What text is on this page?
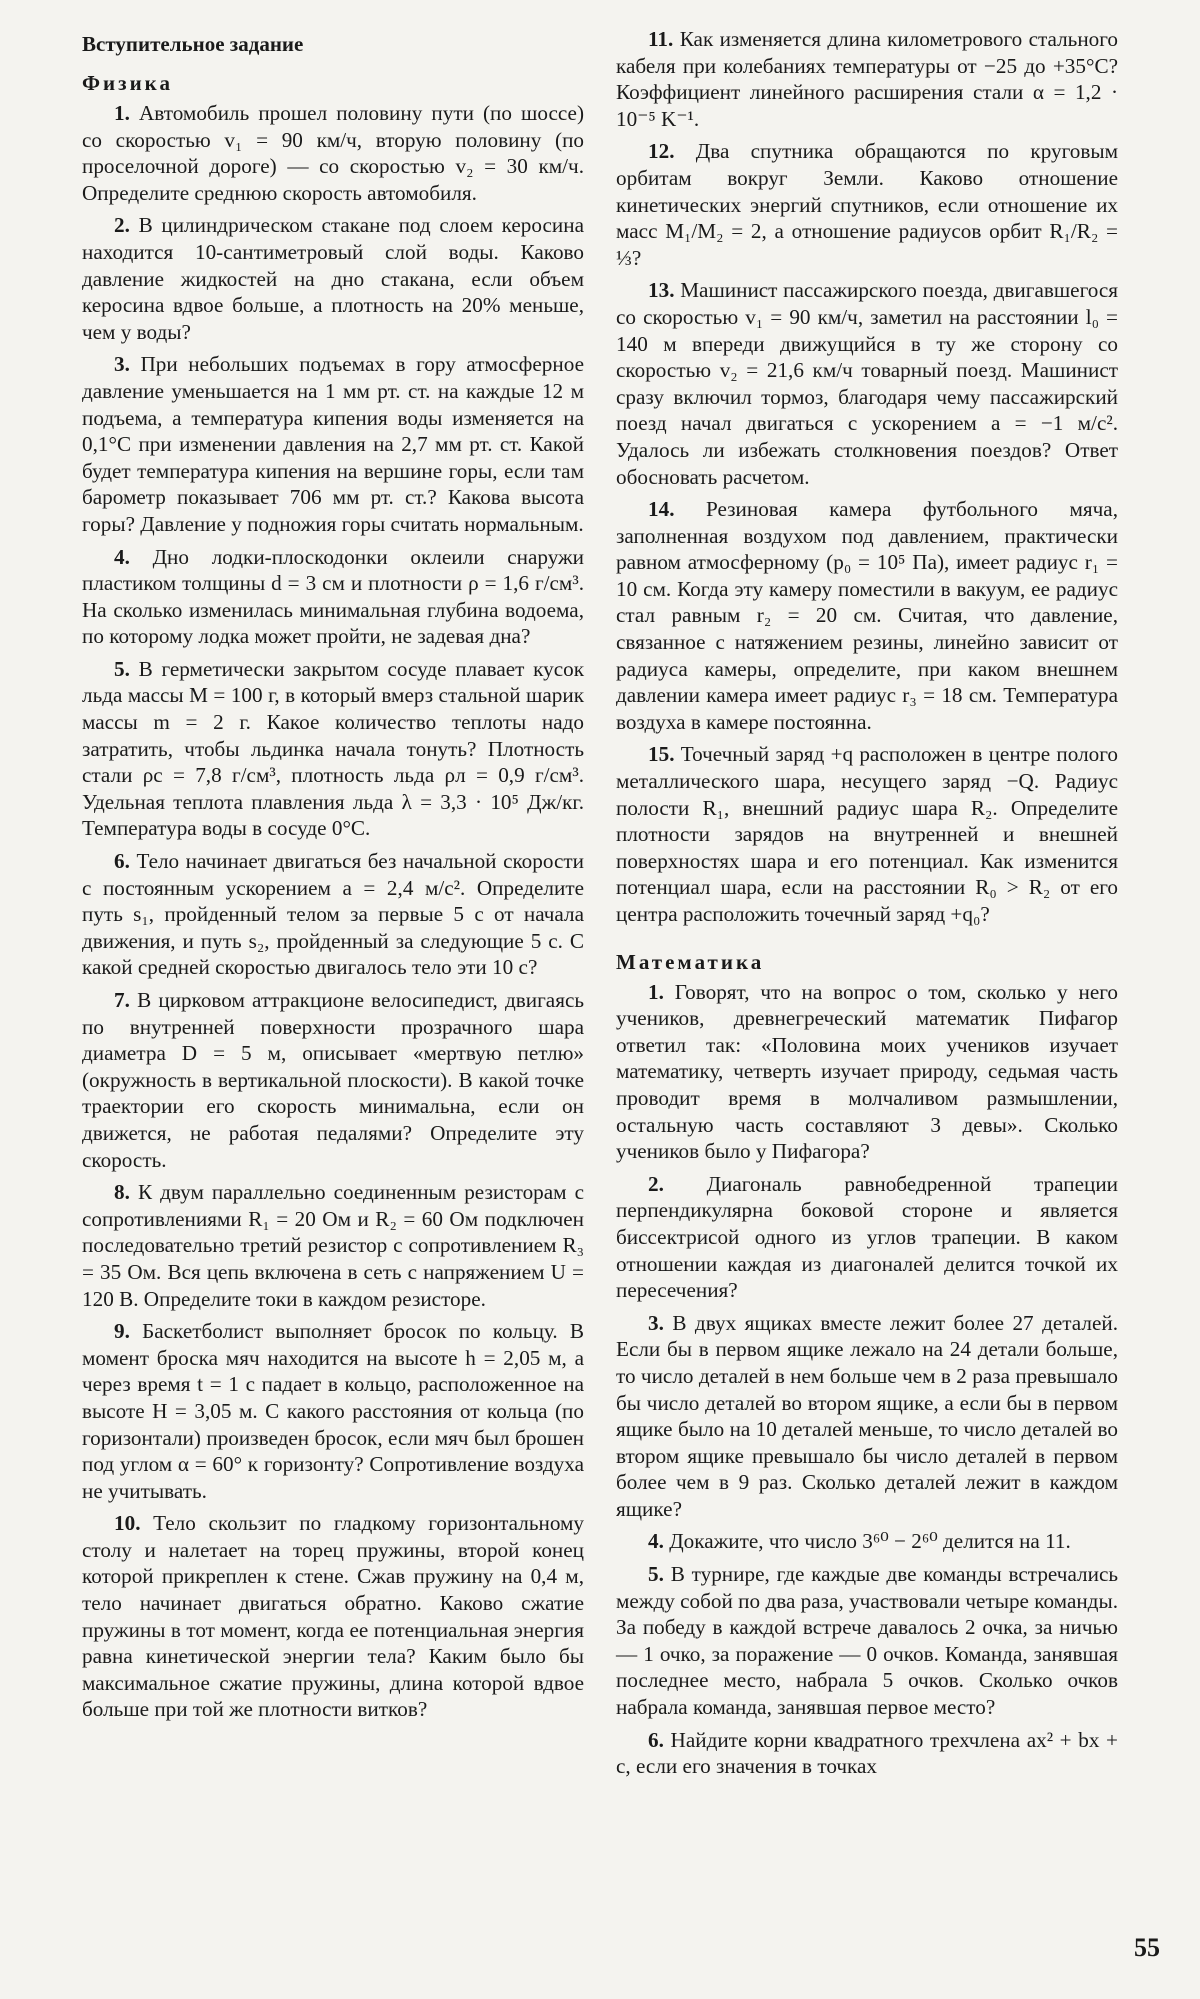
Вступительное задание
Физика

1. Автомобиль прошел половину пути (по шоссе) со скоростью v₁ = 90 км/ч, вторую половину (по проселочной дороге) — со скоростью v₂ = 30 км/ч. Определите среднюю скорость автомобиля.

2. В цилиндрическом стакане под слоем керосина находится 10-сантиметровый слой воды. Каково давление жидкостей на дно стакана, если объем керосина вдвое больше, а плотность на 20% меньше, чем у воды?

3. При небольших подъемах в гору атмосферное давление уменьшается на 1 мм рт. ст. на каждые 12 м подъема, а температура кипения воды изменяется на 0,1°C при изменении давления на 2,7 мм рт. ст. Какой будет температура кипения на вершине горы, если там барометр показывает 706 мм рт. ст.? Какова высота горы? Давление у подножия горы считать нормальным.

4. Дно лодки-плоскодонки оклеили снаружи пластиком толщины d = 3 см и плотности ρ = 1,6 г/см³. На сколько изменилась минимальная глубина водоема, по которому лодка может пройти, не задевая дна?

5. В герметически закрытом сосуде плавает кусок льда массы M = 100 г, в который вмерз стальной шарик массы m = 2 г. Какое количество теплоты надо затратить, чтобы льдинка начала тонуть? Плотность стали ρс = 7,8 г/см³, плотность льда ρл = 0,9 г/см³. Удельная теплота плавления льда λ = 3,3 · 10⁵ Дж/кг. Температура воды в сосуде 0°C.

6. Тело начинает двигаться без начальной скорости с постоянным ускорением a = 2,4 м/с². Определите путь s₁, пройденный телом за первые 5 с от начала движения, и путь s₂, пройденный за следующие 5 с. С какой средней скоростью двигалось тело эти 10 с?

7. В цирковом аттракционе велосипедист, двигаясь по внутренней поверхности прозрачного шара диаметра D = 5 м, описывает «мертвую петлю» (окружность в вертикальной плоскости). В какой точке траектории его скорость минимальна, если он движется, не работая педалями? Определите эту скорость.

8. К двум параллельно соединенным резисторам с сопротивлениями R₁ = 20 Ом и R₂ = 60 Ом подключен последовательно третий резистор с сопротивлением R₃ = 35 Ом. Вся цепь включена в сеть с напряжением U = 120 В. Определите токи в каждом резисторе.

9. Баскетболист выполняет бросок по кольцу. В момент броска мяч находится на высоте h = 2,05 м, а через время t = 1 с падает в кольцо, расположенное на высоте H = 3,05 м. С какого расстояния от кольца (по горизонтали) произведен бросок, если мяч был брошен под углом α = 60° к горизонту? Сопротивление воздуха не учитывать.

10. Тело скользит по гладкому горизонтальному столу и налетает на торец пружины, второй конец которой прикреплен к стене. Сжав пружину на 0,4 м, тело начинает двигаться обратно. Каково сжатие пружины в тот момент, когда ее потенциальная энергия равна кинетической энергии тела? Каким было бы максимальное сжатие пружины, длина которой вдвое больше при той же плотности витков?

11. Как изменяется длина километрового стального кабеля при колебаниях температуры от −25 до +35°C? Коэффициент линейного расширения стали α = 1,2 · 10⁻⁵ K⁻¹.

12. Два спутника обращаются по круговым орбитам вокруг Земли. Каково отношение кинетических энергий спутников, если отношение их масс M₁/M₂ = 2, а отношение радиусов орбит R₁/R₂ = ⅓?

13. Машинист пассажирского поезда, двигавшегося со скоростью v₁ = 90 км/ч, заметил на расстоянии l₀ = 140 м впереди движущийся в ту же сторону со скоростью v₂ = 21,6 км/ч товарный поезд. Машинист сразу включил тормоз, благодаря чему пассажирский поезд начал двигаться с ускорением a = −1 м/с². Удалось ли избежать столкновения поездов? Ответ обосновать расчетом.

14. Резиновая камера футбольного мяча, заполненная воздухом под давлением, практически равном атмосферному (p₀ = 10⁵ Па), имеет радиус r₁ = 10 см. Когда эту камеру поместили в вакуум, ее радиус стал равным r₂ = 20 см. Считая, что давление, связанное с натяжением резины, линейно зависит от радиуса камеры, определите, при каком внешнем давлении камера имеет радиус r₃ = 18 см. Температура воздуха в камере постоянна.

15. Точечный заряд +q расположен в центре полого металлического шара, несущего заряд −Q. Радиус полости R₁, внешний радиус шара R₂. Определите плотности зарядов на внутренней и внешней поверхностях шара и его потенциал. Как изменится потенциал шара, если на расстоянии R₀ > R₂ от его центра расположить точечный заряд +q₀?

Математика

1. Говорят, что на вопрос о том, сколько у него учеников, древнегреческий математик Пифагор ответил так: «Половина моих учеников изучает математику, четверть изучает природу, седьмая часть проводит время в молчаливом размышлении, остальную часть составляют 3 девы». Сколько учеников было у Пифагора?

2. Диагональ равнобедренной трапеции перпендикулярна боковой стороне и является биссектрисой одного из углов трапеции. В каком отношении каждая из диагоналей делится точкой их пересечения?

3. В двух ящиках вместе лежит более 27 деталей. Если бы в первом ящике лежало на 24 детали больше, то число деталей в нем больше чем в 2 раза превышало бы число деталей во втором ящике, а если бы в первом ящике было на 10 деталей меньше, то число деталей во втором ящике превышало бы число деталей в первом более чем в 9 раз. Сколько деталей лежит в каждом ящике?

4. Докажите, что число 3⁶⁰ − 2⁶⁰ делится на 11.

5. В турнире, где каждые две команды встречались между собой по два раза, участвовали четыре команды. За победу в каждой встрече давалось 2 очка, за ничью — 1 очко, за поражение — 0 очков. Команда, занявшая последнее место, набрала 5 очков. Сколько очков набрала команда, занявшая первое место?

6. Найдите корни квадратного трехчлена ax² + bx + c, если его значения в точках

55
